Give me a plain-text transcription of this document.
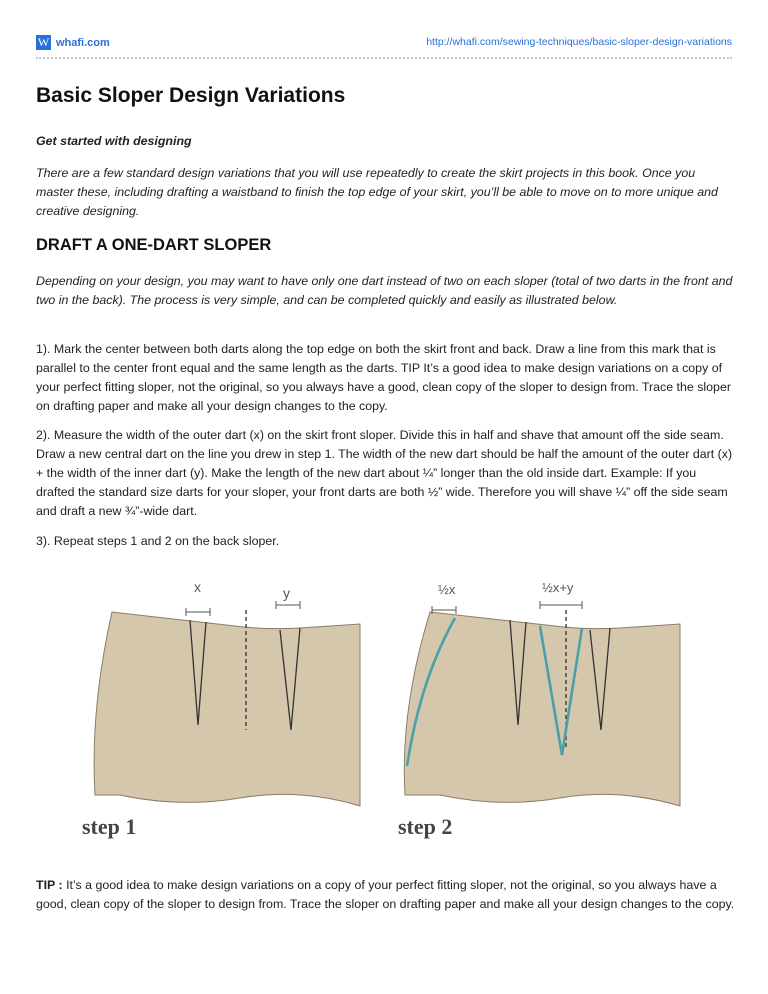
W whafi.com	http://whafi.com/sewing-techniques/basic-sloper-design-variations
Basic Sloper Design Variations

Get started with designing

There are a few standard design variations that you will use repeatedly to create the skirt projects in this book. Once you master these, including drafting a waistband to finish the top edge of your skirt, you’ll be able to move on to more unique and creative designing.

DRAFT A ONE-DART SLOPER

Depending on your design, you may want to have only one dart instead of two on each sloper (total of two darts in the front and two in the back). The process is very simple, and can be completed quickly and easily as illustrated below.

1). Mark the center between both darts along the top edge on both the skirt front and back. Draw a line from this mark that is parallel to the center front equal and the same length as the darts. TIP It’s a good idea to make design variations on a copy of your perfect fitting sloper, not the original, so you always have a good, clean copy of the sloper to design from. Trace the sloper on drafting paper and make all your design changes to the copy.

2). Measure the width of the outer dart (x) on the skirt front sloper. Divide this in half and shave that amount off the side seam. Draw a new central dart on the line you drew in step 1. The width of the new dart should be half the amount of the outer dart (x) + the width of the inner dart (y). Make the length of the new dart about ¼” longer than the old inside dart. Example: If you drafted the standard size darts for your sloper, your front darts are both ½” wide. Therefore you will shave ¼” off the side seam and draft a new ¾”-wide dart.

3). Repeat steps 1 and 2 on the back sloper.

x	y
step 1
½x	½x+y
step 2

TIP : It’s a good idea to make design variations on a copy of your perfect fitting sloper, not the original, so you always have a good, clean copy of the sloper to design from. Trace the sloper on drafting paper and make all your design changes to the copy.
